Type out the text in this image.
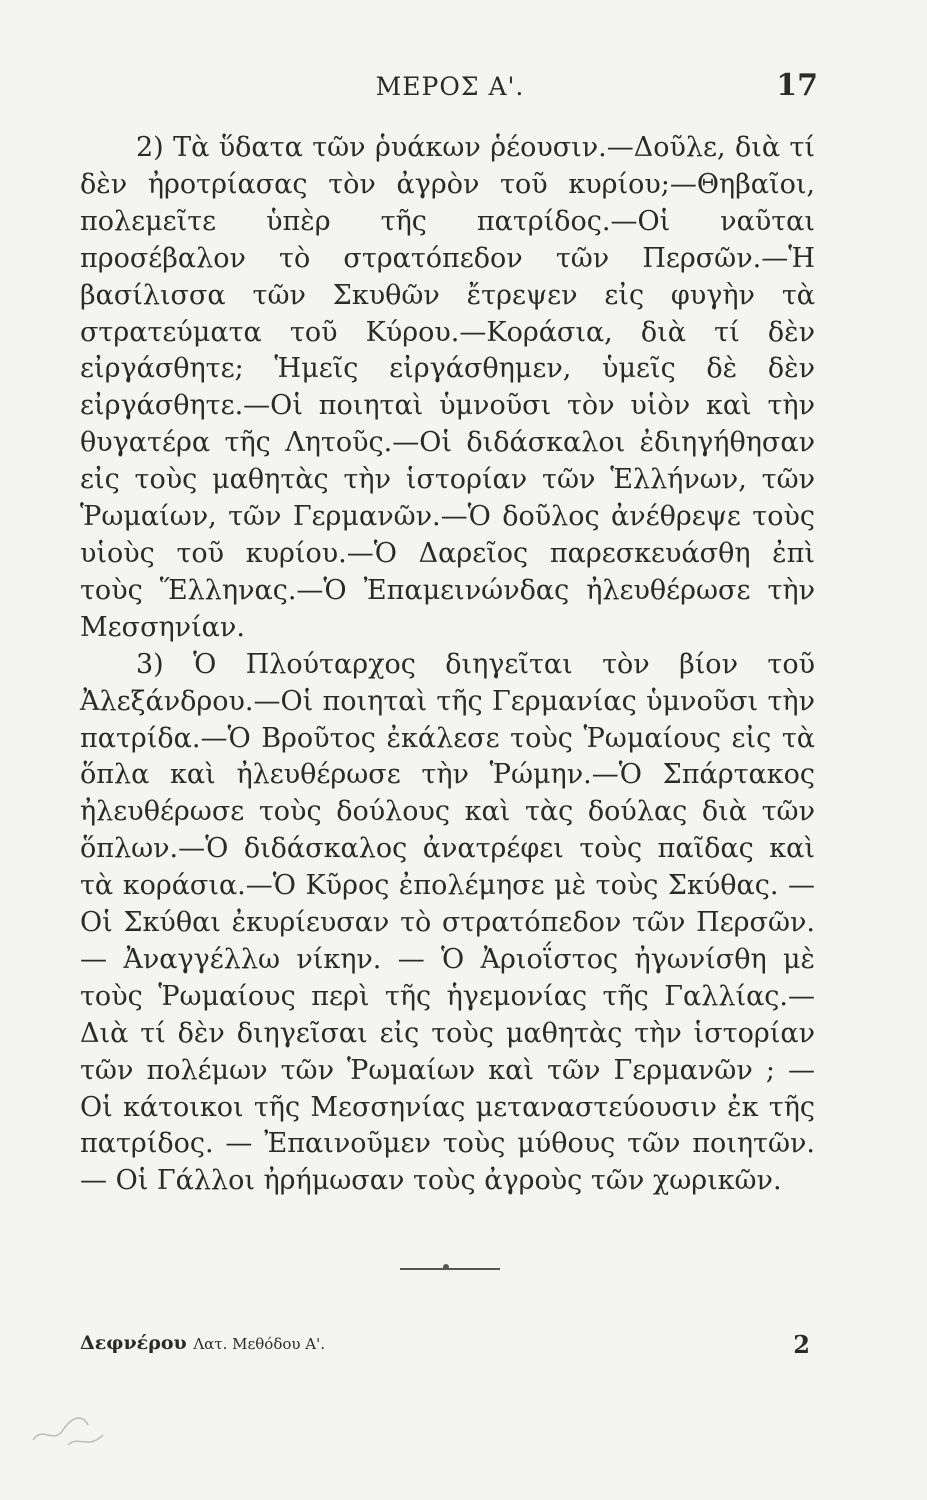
ΜΕΡΟΣ Α'.	17

2) Τὰ ὕδατα τῶν ῥυάκων ῥέουσιν.—Δοῦλε, διὰ τί δὲν ἠροτρίασας τὸν ἀγρὸν τοῦ κυρίου;—Θηβαῖοι, πολεμεῖτε ὑπὲρ τῆς πατρίδος.—Οἱ ναῦται προσέβαλον τὸ στρατόπεδον τῶν Περσῶν.—Ἡ βασίλισσα τῶν Σκυθῶν ἔτρεψεν εἰς φυγὴν τὰ στρατεύματα τοῦ Κύρου.—Κοράσια, διὰ τί δὲν εἰργάσθητε; Ἡμεῖς εἰργάσθημεν, ὑμεῖς δὲ δὲν εἰργάσθητε.—Οἱ ποιηταὶ ὑμνοῦσι τὸν υἱὸν καὶ τὴν θυγατέρα τῆς Λητοῦς.—Οἱ διδάσκαλοι ἐδιηγήθησαν εἰς τοὺς μαθητὰς τὴν ἱστορίαν τῶν Ἑλλήνων, τῶν Ῥωμαίων, τῶν Γερμανῶν.—Ὁ δοῦλος ἀνέθρεψε τοὺς υἱοὺς τοῦ κυρίου.—Ὁ Δαρεῖος παρεσκευάσθη ἐπὶ τοὺς Ἕλληνας.—Ὁ Ἐπαμεινώνδας ἠλευθέρωσε τὴν Μεσσηνίαν.

3) Ὁ Πλούταρχος διηγεῖται τὸν βίον τοῦ Ἀλεξάνδρου.—Οἱ ποιηταὶ τῆς Γερμανίας ὑμνοῦσι τὴν πατρίδα.—Ὁ Βροῦτος ἐκάλεσε τοὺς Ῥωμαίους εἰς τὰ ὅπλα καὶ ἠλευθέρωσε τὴν Ῥώμην.—Ὁ Σπάρτακος ἠλευθέρωσε τοὺς δούλους καὶ τὰς δούλας διὰ τῶν ὅπλων.—Ὁ διδάσκαλος ἀνατρέφει τοὺς παῖδας καὶ τὰ κοράσια.—Ὁ Κῦρος ἐπολέμησε μὲ τοὺς Σκύθας. — Οἱ Σκύθαι ἐκυρίευσαν τὸ στρατόπεδον τῶν Περσῶν. — Ἀναγγέλλω νίκην. — Ὁ Ἀριοΐστος ἠγωνίσθη μὲ τοὺς Ῥωμαίους περὶ τῆς ἡγεμονίας τῆς Γαλλίας.—Διὰ τί δὲν διηγεῖσαι εἰς τοὺς μαθητὰς τὴν ἱστορίαν τῶν πολέμων τῶν Ῥωμαίων καὶ τῶν Γερμανῶν ; — Οἱ κάτοικοι τῆς Μεσσηνίας μεταναστεύουσιν ἐκ τῆς πατρίδος. — Ἐπαινοῦμεν τοὺς μύθους τῶν ποιητῶν. — Οἱ Γάλλοι ἠρήμωσαν τοὺς ἀγροὺς τῶν χωρικῶν.

Δεφνέρου Λατ. Μεθόδου Α'.	2
